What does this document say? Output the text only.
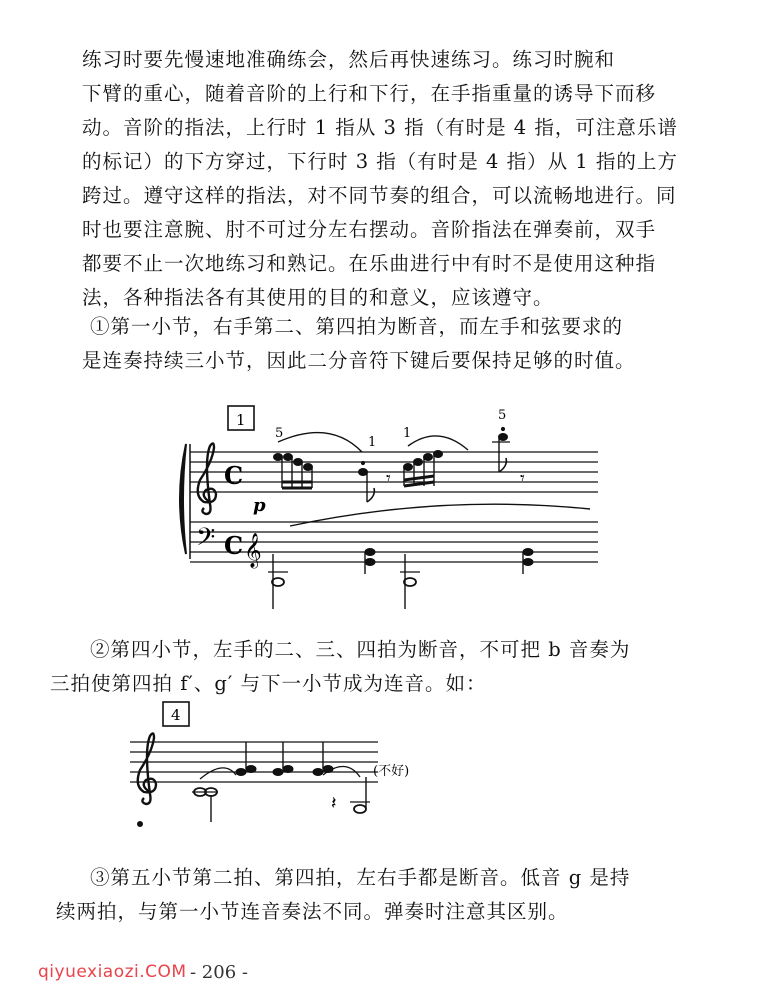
练习时要先慢速地准确练会，然后再快速练习。练习时腕和
下臂的重心，随着音阶的上行和下行，在手指重量的诱导下而移
动。音阶的指法，上行时 1 指从 3 指（有时是 4 指，可注意乐谱
的标记）的下方穿过，下行时 3 指（有时是 4 指）从 1 指的上方
跨过。遵守这样的指法，对不同节奏的组合，可以流畅地进行。同
时也要注意腕、肘不可过分左右摆动。音阶指法在弹奏前，双手
都要不止一次地练习和熟记。在乐曲进行中有时不是使用这种指
法，各种指法各有其使用的目的和意义，应该遵守。
①第一小节，右手第二、第四拍为断音，而左手和弦要求的
是连奏持续三小节，因此二分音符下键后要保持足够的时值。
1
5
1
1
5
C	𝄾	𝄾
p
𝄢 C 𝄞
②第四小节，左手的二、三、四拍为断音，不可把 b 音奏为
三拍使第四拍 f′、g′ 与下一小节成为连音。如：
4
𝄽
(不好)
③第五小节第二拍、第四拍，左右手都是断音。低音 g 是持
续两拍，与第一小节连音奏法不同。弹奏时注意其区别。
qiyuexiaozi.COM - 206 -
